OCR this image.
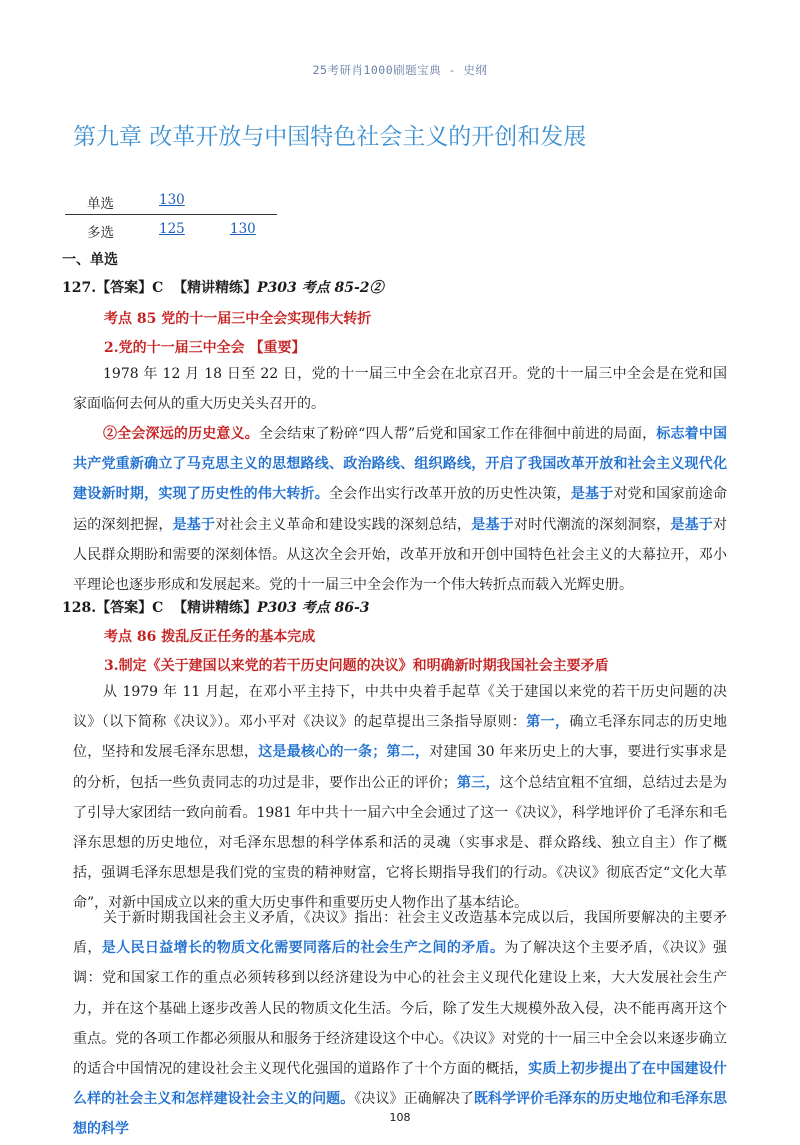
25考研肖1000刷题宝典 - 史纲
第九章 改革开放与中国特色社会主义的开创和发展
单选	130
多选	125	130
一、单选
127.【答案】C 【精讲精练】P303 考点 85-2②
考点 85 党的十一届三中全会实现伟大转折
2.党的十一届三中全会 【重要】
1978 年 12 月 18 日至 22 日，党的十一届三中全会在北京召开。党的十一届三中全会是在党和国家面临何去何从的重大历史关头召开的。
②全会深远的历史意义。全会结束了粉碎“四人帮”后党和国家工作在徘徊中前进的局面，标志着中国共产党重新确立了马克思主义的思想路线、政治路线、组织路线，开启了我国改革开放和社会主义现代化建设新时期，实现了历史性的伟大转折。全会作出实行改革开放的历史性决策，是基于对党和国家前途命运的深刻把握，是基于对社会主义革命和建设实践的深刻总结，是基于对时代潮流的深刻洞察，是基于对人民群众期盼和需要的深刻体悟。从这次全会开始，改革开放和开创中国特色社会主义的大幕拉开，邓小平理论也逐步形成和发展起来。党的十一届三中全会作为一个伟大转折点而载入光辉史册。
128.【答案】C 【精讲精练】P303 考点 86-3
考点 86 拨乱反正任务的基本完成
3.制定《关于建国以来党的若干历史问题的决议》和明确新时期我国社会主要矛盾
从 1979 年 11 月起，在邓小平主持下，中共中央着手起草《关于建国以来党的若干历史问题的决议》（以下简称《决议》）。邓小平对《决议》的起草提出三条指导原则：第一，确立毛泽东同志的历史地位，坚持和发展毛泽东思想，这是最核心的一条；第二，对建国 30 年来历史上的大事，要进行实事求是的分析，包括一些负责同志的功过是非，要作出公正的评价；第三，这个总结宜粗不宜细，总结过去是为了引导大家团结一致向前看。1981 年中共十一届六中全会通过了这一《决议》，科学地评价了毛泽东和毛泽东思想的历史地位，对毛泽东思想的科学体系和活的灵魂（实事求是、群众路线、独立自主）作了概括，强调毛泽东思想是我们党的宝贵的精神财富，它将长期指导我们的行动。《决议》彻底否定“文化大革命”，对新中国成立以来的重大历史事件和重要历史人物作出了基本结论。
关于新时期我国社会主义矛盾，《决议》指出：社会主义改造基本完成以后，我国所要解决的主要矛盾，是人民日益增长的物质文化需要同落后的社会生产之间的矛盾。为了解决这个主要矛盾，《决议》强调：党和国家工作的重点必须转移到以经济建设为中心的社会主义现代化建设上来，大大发展社会生产力，并在这个基础上逐步改善人民的物质文化生活。今后，除了发生大规模外敌入侵，决不能再离开这个重点。党的各项工作都必须服从和服务于经济建设这个中心。《决议》对党的十一届三中全会以来逐步确立的适合中国情况的建设社会主义现代化强国的道路作了十个方面的概括，实质上初步提出了在中国建设什么样的社会主义和怎样建设社会主义的问题。《决议》正确解决了既科学评价毛泽东的历史地位和毛泽东思想的科学
108
